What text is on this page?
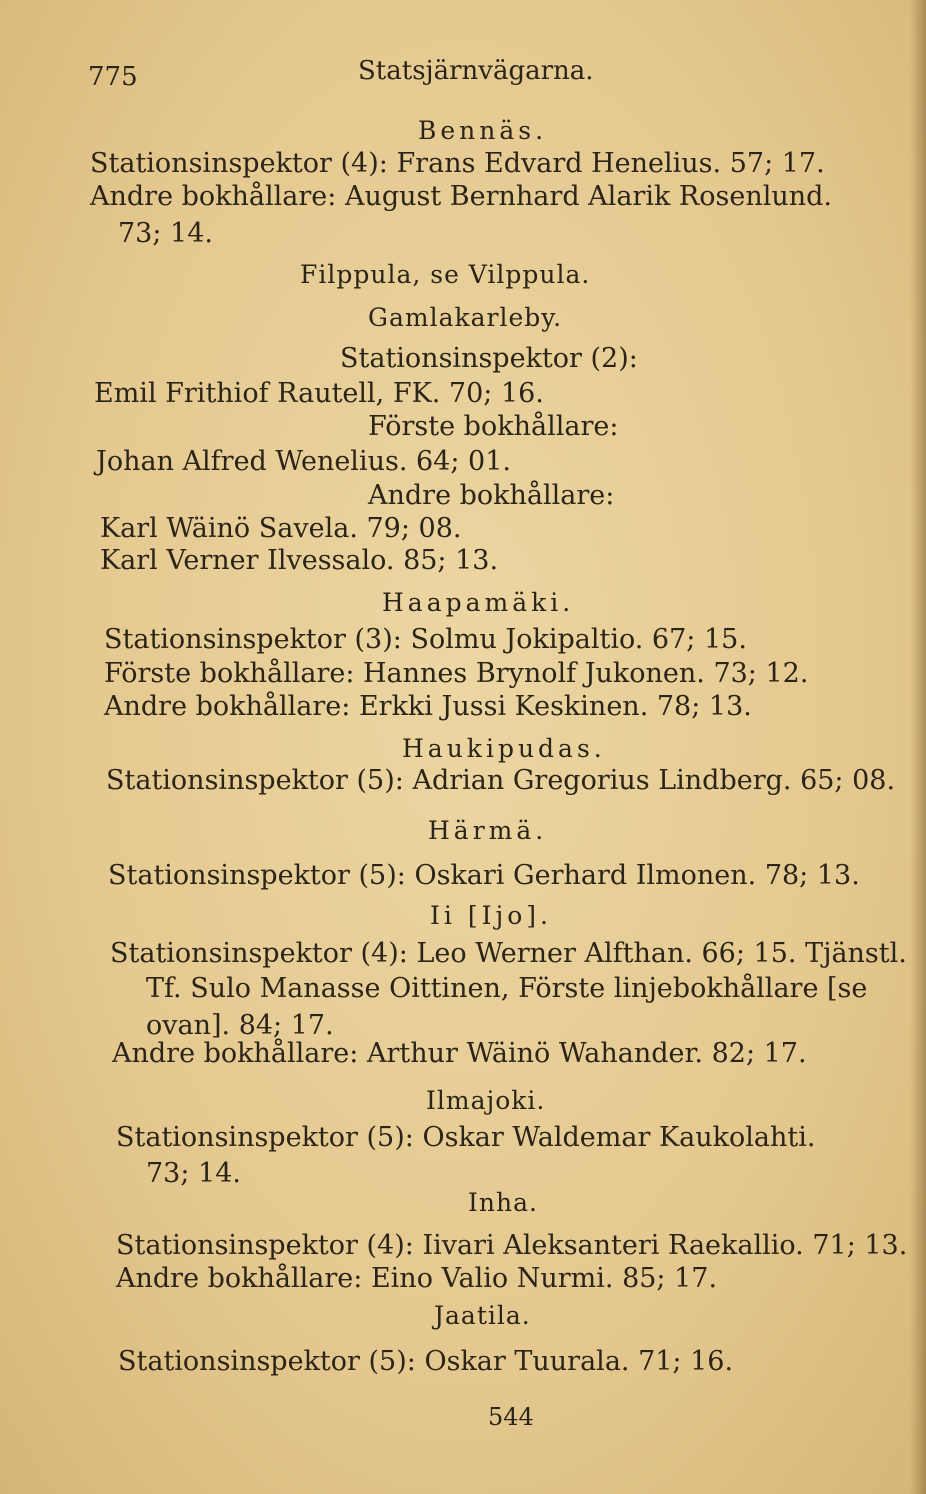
775	Statsjärnvägarna.
Bennäs.
Stationsinspektor (4): Frans Edvard Henelius. 57; 17.
Andre bokhållare: August Bernhard Alarik Rosenlund.
73; 14.
Filppula, se Vilppula.
Gamlakarleby.
Stationsinspektor (2):
Emil Frithiof Rautell, FK. 70; 16.
Förste bokhållare:
Johan Alfred Wenelius. 64; 01.
Andre bokhållare:
Karl Wäinö Savela. 79; 08.
Karl Verner Ilvessalo. 85; 13.
Haapamäki.
Stationsinspektor (3): Solmu Jokipaltio. 67; 15.
Förste bokhållare: Hannes Brynolf Jukonen. 73; 12.
Andre bokhållare: Erkki Jussi Keskinen. 78; 13.
Haukipudas.
Stationsinspektor (5): Adrian Gregorius Lindberg. 65; 08.
Härmä.
Stationsinspektor (5): Oskari Gerhard Ilmonen. 78; 13.
Ii [Ijo].
Stationsinspektor (4): Leo Werner Alfthan. 66; 15. Tjänstl.
Tf. Sulo Manasse Oittinen, Förste linjebokhållare [se
ovan]. 84; 17.
Andre bokhållare: Arthur Wäinö Wahander. 82; 17.
Ilmajoki.
Stationsinspektor (5): Oskar Waldemar Kaukolahti.
73; 14.
Inha.
Stationsinspektor (4): Iivari Aleksanteri Raekallio. 71; 13.
Andre bokhållare: Eino Valio Nurmi. 85; 17.
Jaatila.
Stationsinspektor (5): Oskar Tuurala. 71; 16.
544
